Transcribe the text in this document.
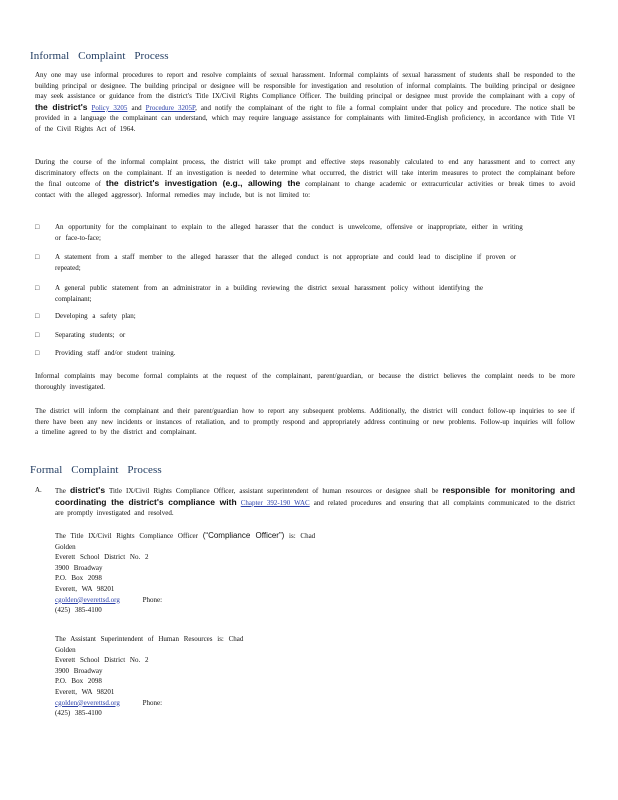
Informal Complaint Process
Any one may use informal procedures to report and resolve complaints of sexual harassment. Informal complaints of sexual harassment of students shall be responded to the building principal or designee. The building principal or designee will be responsible for investigation and resolution of informal complaints. The building principal or designee may seek assistance or guidance from the district's Title IX/Civil Rights Compliance Officer. The building principal or designee must provide the complainant with a copy of the district's Policy 3205 and Procedure 3205P, and notify the complainant of the right to file a formal complaint under that policy and procedure. The notice shall be provided in a language the complainant can understand, which may require language assistance for complainants with limited-English proficiency, in accordance with Title VI of the Civil Rights Act of 1964.
During the course of the informal complaint process, the district will take prompt and effective steps reasonably calculated to end any harassment and to correct any discriminatory effects on the complainant. If an investigation is needed to determine what occurred, the district will take interim measures to protect the complainant before the final outcome of the district's investigation (e.g., allowing the complainant to change academic or extracurricular activities or break times to avoid contact with the alleged aggressor). Informal remedies may include, but is not limited to:
□ An opportunity for the complainant to explain to the alleged harasser that the conduct is unwelcome, offensive or inappropriate, either in writing or face-to-face;
□ A statement from a staff member to the alleged harasser that the alleged conduct is not appropriate and could lead to discipline if proven or repeated;
□ A general public statement from an administrator in a building reviewing the district sexual harassment policy without identifying the complainant;
□ Developing a safety plan;
□ Separating students; or
□ Providing staff and/or student training.
Informal complaints may become formal complaints at the request of the complainant, parent/guardian, or because the district believes the complaint needs to be more thoroughly investigated.
The district will inform the complainant and their parent/guardian how to report any subsequent problems. Additionally, the district will conduct follow-up inquiries to see if there have been any new incidents or instances of retaliation, and to promptly respond and appropriately address continuing or new problems. Follow-up inquiries will follow a timeline agreed to by the district and complainant.
Formal Complaint Process
A. The district's Title IX/Civil Rights Compliance Officer, assistant superintendent of human resources or designee shall be responsible for monitoring and coordinating the district's compliance with Chapter 392-190 WAC and related procedures and ensuring that all complaints communicated to the district are promptly investigated and resolved.
The Title IX/Civil Rights Compliance Officer (“Compliance Officer”) is: Chad
Golden
Everett School District No. 2
3900 Broadway
P.O. Box 2098
Everett, WA 98201
cgolden@everettsd.org	Phone:
(425) 385-4100
The Assistant Superintendent of Human Resources is: Chad
Golden
Everett School District No. 2
3900 Broadway
P.O. Box 2098
Everett, WA 98201
cgolden@everettsd.org	Phone:
(425) 385-4100
